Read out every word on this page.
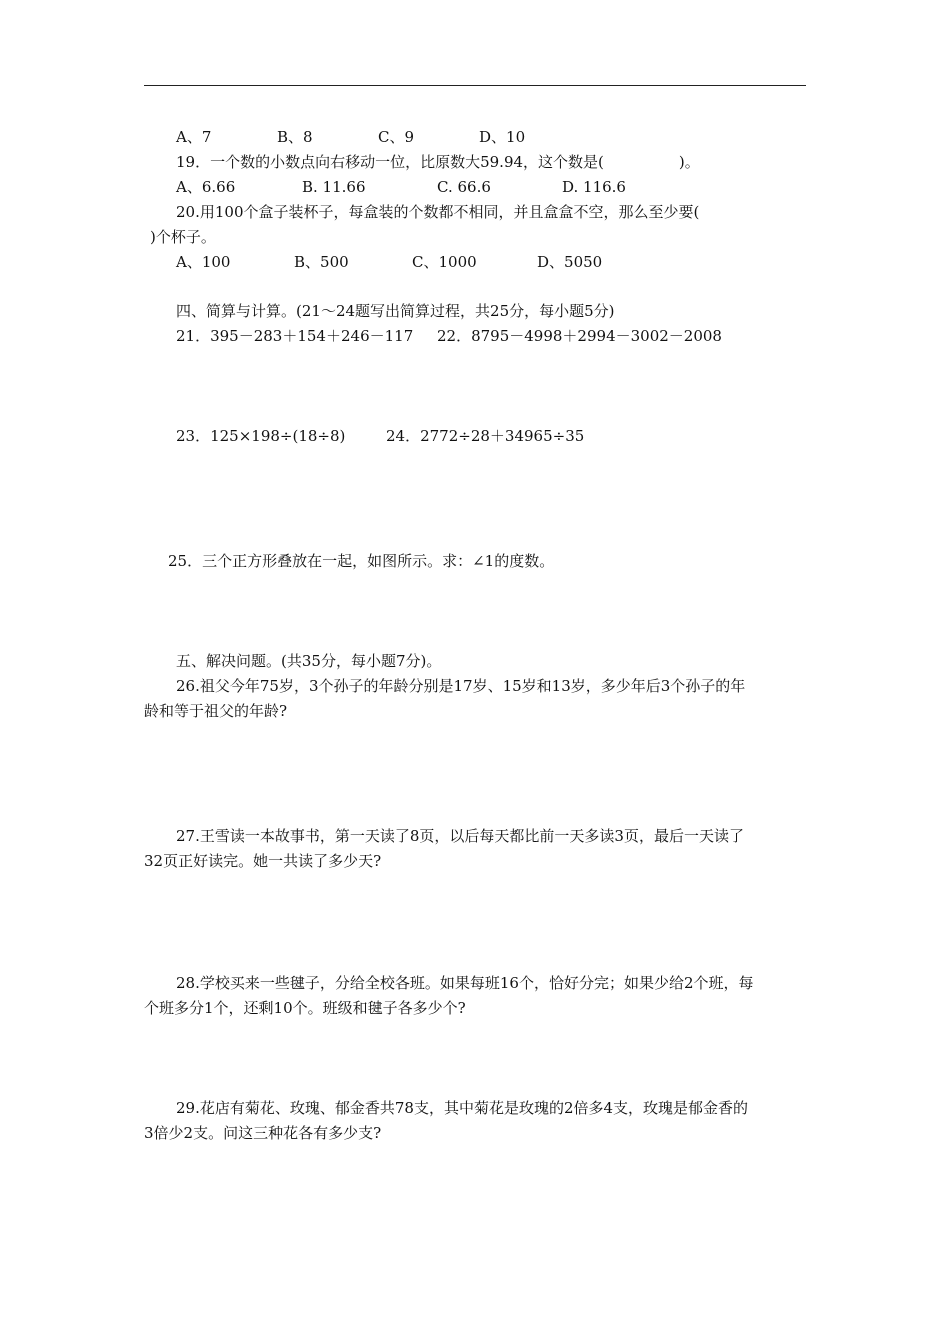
A、7	B、8	C、9	D、10
19．一个数的小数点向右移动一位，比原数大59.94，这个数是(　　　　　)。
A、6.66	B. 11.66	C. 66.6	D. 116.6
20.用100个盒子装杯子，每盒装的个数都不相同，并且盒盒不空，那么至少要(
)个杯子。
A、100	B、500	C、1000	D、5050
四、简算与计算。(21～24题写出简算过程，共25分，每小题5分)
21．395－283＋154＋246－117 22．8795－4998＋2994－3002－2008
23．125×198÷(18÷8)	24．2772÷28＋34965÷35
25．三个正方形叠放在一起，如图所示。求：∠1的度数。
五、解决问题。(共35分，每小题7分)。
26.祖父今年75岁，3个孙子的年龄分别是17岁、15岁和13岁，多少年后3个孙子的年
龄和等于祖父的年龄?
27.王雪读一本故事书，第一天读了8页，以后每天都比前一天多读3页，最后一天读了
32页正好读完。她一共读了多少天?
28.学校买来一些毽子，分给全校各班。如果每班16个，恰好分完；如果少给2个班，每
个班多分1个，还剩10个。班级和毽子各多少个?
29.花店有菊花、玫瑰、郁金香共78支，其中菊花是玫瑰的2倍多4支，玫瑰是郁金香的
3倍少2支。问这三种花各有多少支?
